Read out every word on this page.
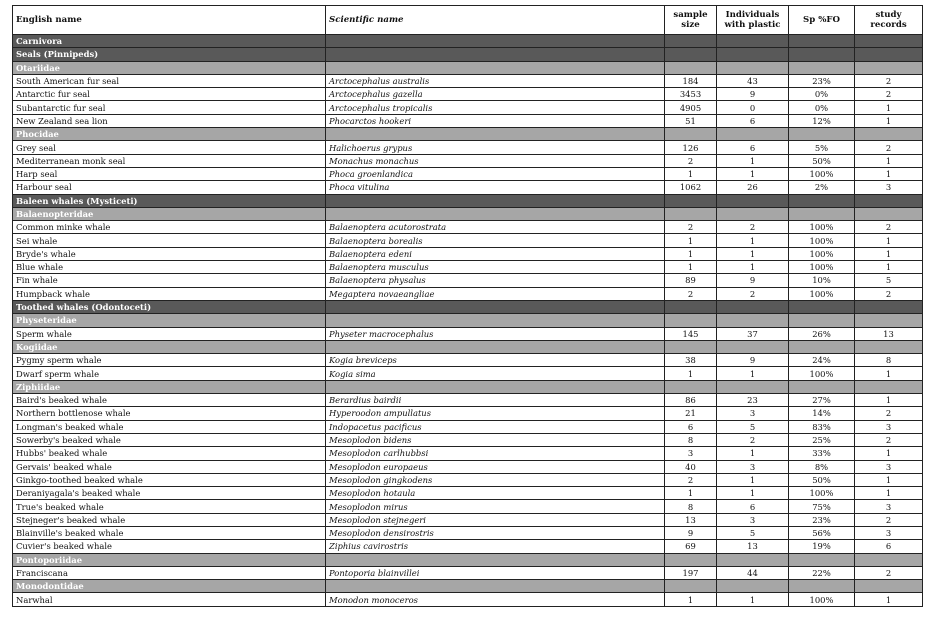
English name	Scientific name	sample size	Individuals with plastic	Sp %FO	study records
Carnivora					
Seals (Pinnipeds)					
Otariidae					
South American fur seal	Arctocephalus australis	184	43	23%	2
Antarctic fur seal	Arctocephalus gazella	3453	9	0%	2
Subantarctic fur seal	Arctocephalus tropicalis	4905	0	0%	1
New Zealand sea lion	Phocarctos hookeri	51	6	12%	1
Phocidae					
Grey seal	Halichoerus grypus	126	6	5%	2
Mediterranean monk seal	Monachus monachus	2	1	50%	1
Harp seal	Phoca groenlandica	1	1	100%	1
Harbour seal	Phoca vitulina	1062	26	2%	3
Baleen whales (Mysticeti)					
Balaenopteridae					
Common minke whale	Balaenoptera acutorostrata	2	2	100%	2
Sei whale	Balaenoptera borealis	1	1	100%	1
Bryde's whale	Balaenoptera edeni	1	1	100%	1
Blue whale	Balaenoptera musculus	1	1	100%	1
Fin whale	Balaenoptera physalus	89	9	10%	5
Humpback whale	Megaptera novaeangliae	2	2	100%	2
Toothed whales (Odontoceti)					
Physeteridae					
Sperm whale	Physeter macrocephalus	145	37	26%	13
Kogiidae					
Pygmy sperm whale	Kogia breviceps	38	9	24%	8
Dwarf sperm whale	Kogia sima	1	1	100%	1
Ziphiidae					
Baird's beaked whale	Berardius bairdii	86	23	27%	1
Northern bottlenose whale	Hyperoodon ampullatus	21	3	14%	2
Longman's beaked whale	Indopacetus pacificus	6	5	83%	3
Sowerby's beaked whale	Mesoplodon bidens	8	2	25%	2
Hubbs' beaked whale	Mesoplodon carlhubbsi	3	1	33%	1
Gervais' beaked whale	Mesoplodon europaeus	40	3	8%	3
Ginkgo-toothed beaked whale	Mesoplodon gingkodens	2	1	50%	1
Deraniyagala's beaked whale	Mesoplodon hotaula	1	1	100%	1
True's beaked whale	Mesoplodon mirus	8	6	75%	3
Stejneger's beaked whale	Mesoplodon stejnegeri	13	3	23%	2
Blainville's beaked whale	Mesoplodon densirostris	9	5	56%	3
Cuvier's beaked whale	Ziphius cavirostris	69	13	19%	6
Pontoporiidae					
Franciscana	Pontoporia blainvillei	197	44	22%	2
Monodontidae					
Narwhal	Monodon monoceros	1	1	100%	1
